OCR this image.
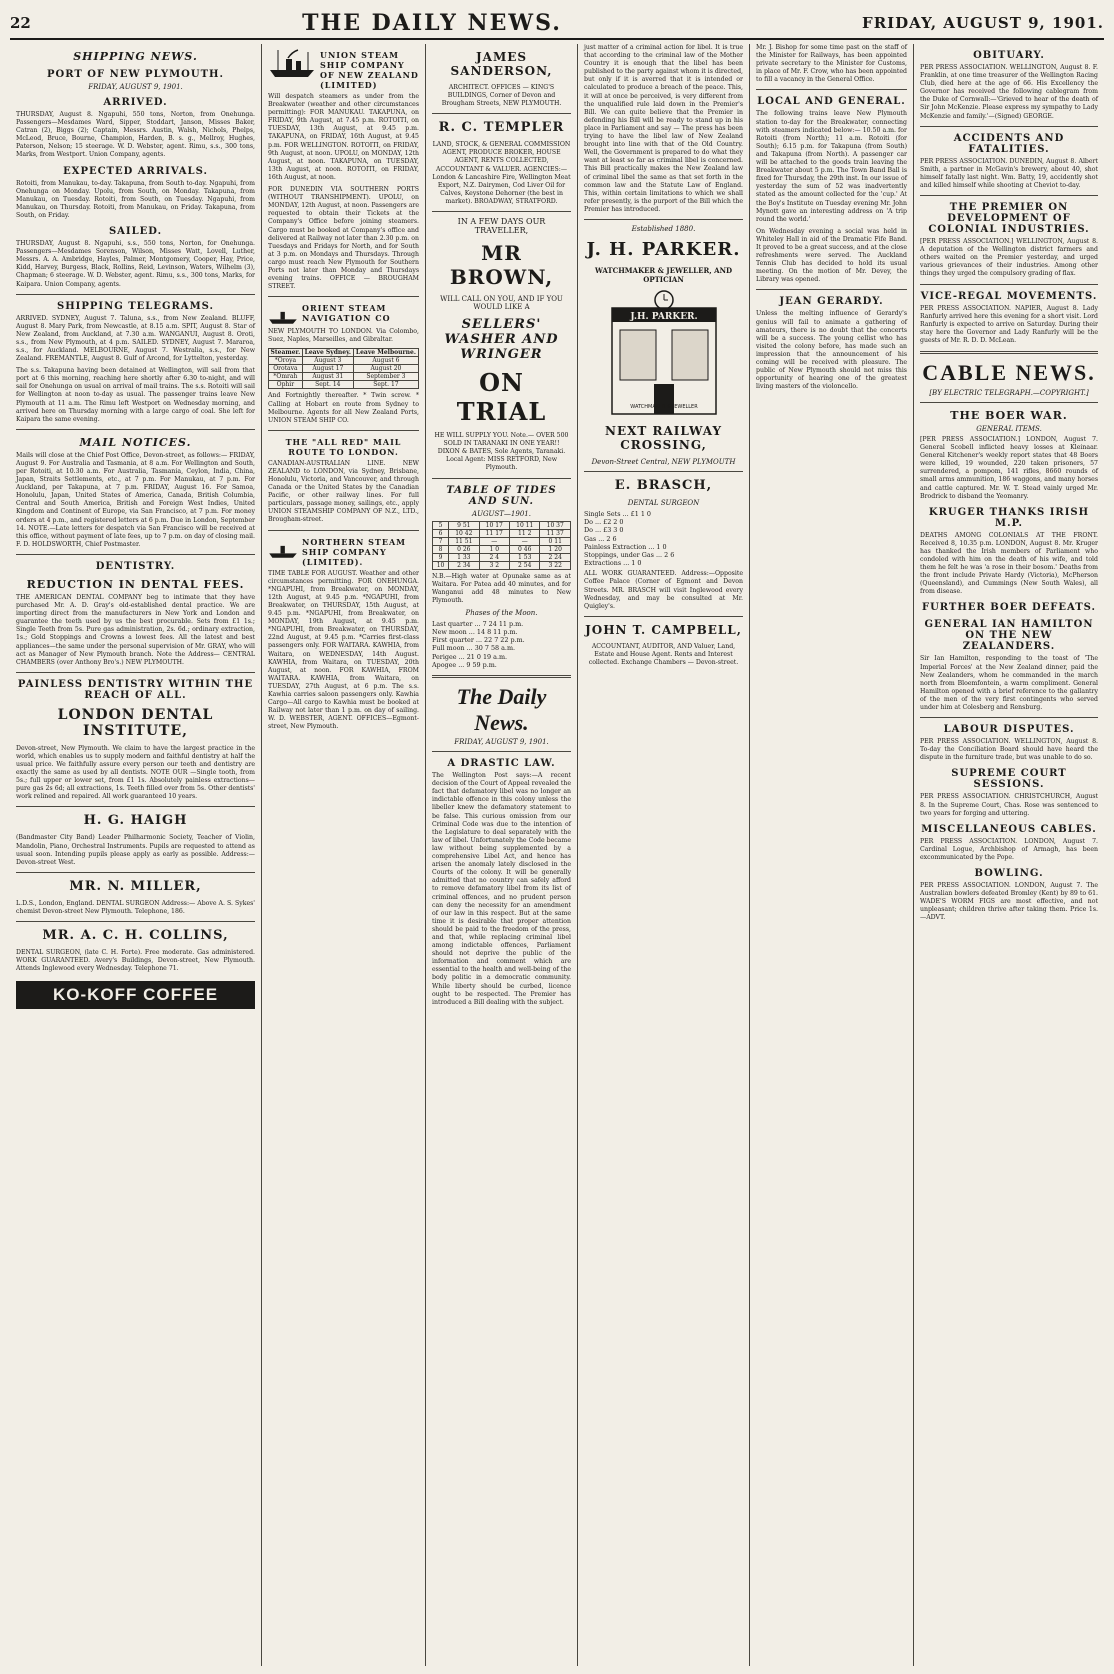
22	THE DAILY NEWS.	FRIDAY, AUGUST 9, 1901.
SHIPPING NEWS.
PORT OF NEW PLYMOUTH.
FRIDAY, AUGUST 9, 1901.
ARRIVED.

THURSDAY, August 8. Ngapuhi, 550 tons, Norton, from Onehunga. Passengers—Mesdames Ward, Sipper, Stoddart, Janson, Misses Baker, Catran (2), Biggs (2); Captain, Messrs. Austin, Walsh, Nichols, Phelps, McLeod, Bruce, Bourne, Champion, Harden, B. s. g., Mellroy, Hughes, Paterson, Nelson; 15 steerage. W. D. Webster, agent. Rimu, s.s., 300 tons, Marks, from Westport. Union Company, agents.

EXPECTED ARRIVALS.

Rotoiti, from Manukau, to-day. Takapuna, from South to-day. Ngapuhi, from Onehunga on Monday. Upolu, from South, on Monday. Takapuna, from Manukau, on Tuesday. Rotoiti, from South, on Tuesday. Ngapuhi, from Manukau, on Thursday. Rotoiti, from Manukau, on Friday. Takapuna, from South, on Friday.

SAILED.

THURSDAY, August 8. Ngapuhi, s.s., 550 tons, Norton, for Onehunga. Passengers—Mesdames Sorenson, Wilson, Misses Watt, Lovell, Luther, Messrs. A. A. Ambridge, Hayles, Palmer, Montgomery, Cooper, Hay, Price, Kidd, Harvey, Burgess, Black, Rollins, Reid, Levinson, Waters, Wilhelm (3), Chapman; 6 steerage. W. D. Webster, agent. Rimu, s.s., 300 tons, Marks, for Kaipara. Union Company, agents.

SHIPPING TELEGRAMS.

ARRIVED. SYDNEY, August 7. Taluna, s.s., from New Zealand. BLUFF, August 8. Mary Park, from Newcastle, at 8.15 a.m. SPIT, August 8. Star of New Zealand, from Auckland, at 7.30 a.m. WANGANUI, August 8. Oroti, s.s., from New Plymouth, at 4 p.m. SAILED. SYDNEY, August 7. Mararoa, s.s., for Auckland. MELBOURNE, August 7. Westralia, s.s., for New Zealand. FREMANTLE, August 8. Gulf of Arcond, for Lyttelton, yesterday.

The s.s. Takapuna having been detained at Wellington, will sail from that port at 6 this morning, reaching here shortly after 6.30 to-night, and will sail for Onehunga on usual on arrival of mail trains. The s.s. Rotoiti will sail for Wellington at noon to-day as usual. The passenger trains leave New Plymouth at 11 a.m. The Rimu left Westport on Wednesday morning, and arrived here on Thursday morning with a large cargo of coal. She left for Kaipara the same evening.

MAIL NOTICES.

Mails will close at the Chief Post Office, Devon-street, as follows:— FRIDAY, August 9. For Australia and Tasmania, at 8 a.m. For Wellington and South, per Rotoiti, at 10.30 a.m. For Australia, Tasmania, Ceylon, India, China, Japan, Straits Settlements, etc., at 7 p.m. For Manukau, at 7 p.m. For Auckland, per Takapuna, at 7 p.m. FRIDAY, August 16. For Samoa, Honolulu, Japan, United States of America, Canada, British Columbia, Central and South America, British and Foreign West Indies, United Kingdom and Continent of Europe, via San Francisco, at 7 p.m. For money orders at 4 p.m., and registered letters at 6 p.m. Due in London, September 14. NOTE.—Late letters for despatch via San Francisco will be received at this office, without payment of late fees, up to 7 p.m. on day of closing mail. F. D. HOLDSWORTH, Chief Postmaster.

DENTISTRY.
REDUCTION IN DENTAL FEES.

THE AMERICAN DENTAL COMPANY beg to intimate that they have purchased Mr. A. D. Gray's old-established dental practice. We are importing direct from the manufacturers in New York and London and guarantee the teeth used by us the best procurable. Sets from £1 1s.; Single Teeth from 5s. Pure gas administration, 2s. 6d.; ordinary extraction, 1s.; Gold Stoppings and Crowns a lowest fees. All the latest and best appliances—the same under the personal supervision of Mr. GRAY, who will act as Manager of New Plymouth branch. Note the Address— CENTRAL CHAMBERS (over Anthony Bro's.) NEW PLYMOUTH.

PAINLESS DENTISTRY WITHIN THE REACH OF ALL.
LONDON DENTAL INSTITUTE,

Devon-street, New Plymouth. We claim to have the largest practice in the world, which enables us to supply modern and faithful dentistry at half the usual price. We faithfully assure every person our teeth and dentistry are exactly the same as used by all dentists. NOTE OUR —Single tooth, from 5s.; full upper or lower set, from £1 1s. Absolutely painless extractions—pure gas 2s 6d; all extractions, 1s. Teeth filled over from 5s. Other dentists' work relined and repaired. All work guaranteed 10 years.

H. G. HAIGH

(Bandmaster City Band) Leader Philharmonic Society, Teacher of Violin, Mandolin, Piano, Orchestral Instruments. Pupils are requested to attend as usual soon. Intending pupils please apply as early as possible. Address:— Devon-street West.

MR. N. MILLER,

L.D.S., London, England. DENTAL SURGEON Address:— Above A. S. Sykes' chemist Devon-street New Plymouth. Telephone, 186.

MR. A. C. H. COLLINS,

DENTAL SURGEON, (late C. H. Forte). Free moderate. Gas administered. WORK GUARANTEED. Avery's Buildings, Devon-street, New Plymouth. Attends Inglewood every Wednesday. Telephone 71.

KO-KOFF COFFEE
UNION STEAM SHIP COMPANY OF NEW ZEALAND (LIMITED)

Will despatch steamers as under from the Breakwater (weather and other circumstances permitting): FOR MANUKAU. TAKAPUNA, on FRIDAY, 9th August, at 7.45 p.m. ROTOITI, on TUESDAY, 13th August, at 9.45 p.m. TAKAPUNA, on FRIDAY, 16th August, at 9.45 p.m. FOR WELLINGTON. ROTOITI, on FRIDAY, 9th August, at noon. UPOLU, on MONDAY, 12th August, at noon. TAKAPUNA, on TUESDAY, 13th August, at noon. ROTOITI, on FRIDAY, 16th August, at noon.

FOR DUNEDIN VIA SOUTHERN PORTS (WITHOUT TRANSHIPMENT). UPOLU, on MONDAY, 12th August, at noon. Passengers are requested to obtain their Tickets at the Company's Office before joining steamers. Cargo must be booked at Company's office and delivered at Railway not later than 2.30 p.m. on Tuesdays and Fridays for North, and for South at 3 p.m. on Mondays and Thursdays. Through cargo must reach New Plymouth for Southern Ports not later than Monday and Thursdays evening trains. OFFICE — BROUGHAM STREET.

ORIENT STEAM NAVIGATION CO

NEW PLYMOUTH TO LONDON. Via Colombo, Suez, Naples, Marseilles, and Gibraltar.

Steamer.	Leave Sydney.	Leave Melbourne.
*Oroya	August 3	August 6
Orotava	August 17	August 20
*Omrah	August 31	September 3
Ophir	Sept. 14	Sept. 17

And Fortnightly thereafter. * Twin screw. * Calling at Hobart en route from Sydney to Melbourne. Agents for all New Zealand Ports, UNION STEAM SHIP CO.

THE "ALL RED" MAIL ROUTE TO LONDON.

CANADIAN-AUSTRALIAN LINE. NEW ZEALAND to LONDON, via Sydney, Brisbane, Honolulu, Victoria, and Vancouver, and through Canada or the United States by the Canadian Pacific, or other railway lines. For full particulars, passage money, sailings, etc., apply UNION STEAMSHIP COMPANY OF N.Z., LTD., Brougham-street.

NORTHERN STEAM SHIP COMPANY (LIMITED).

TIME TABLE FOR AUGUST. Weather and other circumstances permitting. FOR ONEHUNGA. *NGAPUHI, from Breakwater, on MONDAY, 12th August, at 9.45 p.m. *NGAPUHI, from Breakwater, on THURSDAY, 15th August, at 9.45 p.m. *NGAPUHI, from Breakwater, on MONDAY, 19th August, at 9.45 p.m. *NGAPUHI, from Breakwater, on THURSDAY, 22nd August, at 9.45 p.m. *Carries first-class passengers only. FOR WAITARA. KAWHIA, from Waitara, on WEDNESDAY, 14th August. KAWHIA, from Waitara, on TUESDAY, 20th August, at noon. FOR KAWHIA, FROM WAITARA. KAWHIA, from Waitara, on TUESDAY, 27th August, at 6 p.m. The s.s. Kawhia carries saloon passengers only. Kawhia Cargo—All cargo to Kawhia must be booked at Railway not later than 1 p.m. on day of sailing. W. D. WEBSTER, AGENT. OFFICES—Egmont-street, New Plymouth.

JAMES SANDERSON,

ARCHITECT. OFFICES — KING'S BUILDINGS, Corner of Devon and Brougham Streets, NEW PLYMOUTH.

R. C. TEMPLER

LAND, STOCK, & GENERAL COMMISSION AGENT, PRODUCE BROKER, HOUSE AGENT, RENTS COLLECTED, ACCOUNTANT & VALUER. AGENCIES:— London & Lancashire Fire, Wellington Meat Export, N.Z. Dairymen, Cod Liver Oil for Calves, Keystone Dehorner (the best in market). BROADWAY, STRATFORD.

IN A FEW DAYS OUR TRAVELLER,
MR BROWN,
WILL CALL ON YOU, AND IF YOU WOULD LIKE A
SELLERS' WASHER AND WRINGER
ON TRIAL

HE WILL SUPPLY YOU. Note.— OVER 500 SOLD IN TARANAKI IN ONE YEAR!! DIXON & BATES, Sole Agents, Taranaki. Local Agent: MISS RETFORD, New Plymouth.

TABLE OF TIDES AND SUN.
AUGUST—1901.
5	9 51	10 17	10 11	10 37
6	10 42	11 17	11 2	11 37
7	11 51	—	—	0 11
8	0 26	1 0	0 46	1 20
9	1 33	2 4	1 53	2 24
10	2 34	3 2	2 54	3 22

N.B.—High water at Opunake same as at Waitara. For Patea add 40 minutes, and for Wanganui add 48 minutes to New Plymouth.

Phases of the Moon.
Last quarter ... 7 24 11 p.m.
New moon ... 14 8 11 p.m.
First quarter ... 22 7 22 p.m.
Full moon ... 30 7 58 a.m.
Perigee ... 21 0 19 a.m.
Apogee ... 9 59 p.m.
The Daily News.
FRIDAY, AUGUST 9, 1901.
A DRASTIC LAW.

The Wellington Post says:—A recent decision of the Court of Appeal revealed the fact that defamatory libel was no longer an indictable offence in this colony unless the libeller knew the defamatory statement to be false. This curious omission from our Criminal Code was due to the intention of the Legislature to deal separately with the law of libel. Unfortunately the Code became law without being supplemented by a comprehensive Libel Act, and hence has arisen the anomaly lately disclosed in the Courts of the colony. It will be generally admitted that no country can safely afford to remove defamatory libel from its list of criminal offences, and no prudent person can deny the necessity for an amendment of our law in this respect. But at the same time it is desirable that proper attention should be paid to the freedom of the press, and that, while replacing criminal libel among indictable offences, Parliament should not deprive the public of the information and comment which are essential to the health and well-being of the body politic in a democratic community. While liberty should be curbed, licence ought to be respected. The Premier has introduced a Bill dealing with the subject.

just matter of a criminal action for libel. It is true that according to the criminal law of the Mother Country it is enough that the libel has been published to the party against whom it is directed, but only if it is averred that it is intended or calculated to produce a breach of the peace. This, it will at once be perceived, is very different from the unqualified rule laid down in the Premier's Bill. We can quite believe that the Premier in defending his Bill will be ready to stand up in his place in Parliament and say — The press has been trying to have the libel law of New Zealand brought into line with that of the Old Country. Well, the Government is prepared to do what they want at least so far as criminal libel is concerned. This Bill practically makes the New Zealand law of criminal libel the same as that set forth in the common law and the Statute Law of England. This, within certain limitations to which we shall refer presently, is the purport of the Bill which the Premier has introduced.

Established 1880.
J. H. PARKER.
WATCHMAKER & JEWELLER, AND OPTICIAN
J.H. PARKER.
WATCHMAKER & JEWELLER
NEXT RAILWAY CROSSING,
Devon-Street Central, NEW PLYMOUTH
E. BRASCH,
DENTAL SURGEON
Single Sets ... £1 1 0
Do ... £2 2 0
Do ... £3 3 0
Gas ... 2 6
Painless Extraction ... 1 0
Stoppings, under Gas ... 2 6
Extractions ... 1 0

ALL WORK GUARANTEED. Address:—Opposite Coffee Palace (Corner of Egmont and Devon Streets. MR. BRASCH will visit Inglewood every Wednesday, and may be consulted at Mr. Quigley's.

JOHN T. CAMPBELL,

ACCOUNTANT, AUDITOR, AND Valuer, Land, Estate and House Agent. Rents and Interest collected. Exchange Chambers — Devon-street.

Mr. J. Bishop for some time past on the staff of the Minister for Railways, has been appointed private secretary to the Minister for Customs, in place of Mr. F. Crow, who has been appointed to fill a vacancy in the General Office.

LOCAL AND GENERAL.

The following trains leave New Plymouth station to-day for the Breakwater, connecting with steamers indicated below:— 10.50 a.m. for Rotoiti (from North); 11 a.m. Rotoiti (for South); 6.15 p.m. for Takapuna (from South) and Takapuna (from North). A passenger car will be attached to the goods train leaving the Breakwater about 5 p.m. The Town Band Ball is fixed for Thursday, the 29th inst. In our issue of yesterday the sum of 52 was inadvertently stated as the amount collected for the 'cup.' At the Boy's Institute on Tuesday evening Mr. John Mynott gave an interesting address on 'A trip round the world.'

On Wednesday evening a social was held in Whiteley Hall in aid of the Dramatic Fife Band. It proved to be a great success, and at the close refreshments were served. The Auckland Tennis Club has decided to hold its usual meeting. On the motion of Mr. Devey, the Library was opened.

JEAN GERARDY.

Unless the melting influence of Gerardy's genius will fail to animate a gathering of amateurs, there is no doubt that the concerts will be a success. The young cellist who has visited the colony before, has made such an impression that the announcement of his coming will be received with pleasure. The public of New Plymouth should not miss this opportunity of hearing one of the greatest living masters of the violoncello.

OBITUARY.

PER PRESS ASSOCIATION. WELLINGTON, August 8. F. Franklin, at one time treasurer of the Wellington Racing Club, died here at the age of 66. His Excellency the Governor has received the following cablegram from the Duke of Cornwall:—'Grieved to hear of the death of Sir John McKenzie. Please express my sympathy to Lady McKenzie and family.'—(Signed) GEORGE.

ACCIDENTS AND FATALITIES.

PER PRESS ASSOCIATION. DUNEDIN, August 8. Albert Smith, a partner in McGavin's brewery, about 40, shot himself fatally last night. Wm. Batty, 19, accidently shot and killed himself while shooting at Cheviot to-day.

THE PREMIER ON DEVELOPMENT OF COLONIAL INDUSTRIES.

[PER PRESS ASSOCIATION.] WELLINGTON, August 8. A deputation of the Wellington district farmers and others waited on the Premier yesterday, and urged various grievances of their industries. Among other things they urged the compulsory grading of flax.

VICE-REGAL MOVEMENTS.

PER PRESS ASSOCIATION. NAPIER, August 8. Lady Ranfurly arrived here this evening for a short visit. Lord Ranfurly is expected to arrive on Saturday. During their stay here the Governor and Lady Ranfurly will be the guests of Mr. R. D. D. McLean.

CABLE NEWS.
[BY ELECTRIC TELEGRAPH.—COPYRIGHT.]
THE BOER WAR.
GENERAL ITEMS.

[PER PRESS ASSOCIATION.] LONDON, August 7. General Scobell inflicted heavy losses at Kleinaar. General Kitchener's weekly report states that 48 Boers were killed, 19 wounded, 220 taken prisoners, 57 surrendered, a pompom, 141 rifles, 8660 rounds of small arms ammunition, 186 waggons, and many horses and cattle captured. Mr. W. T. Stead vainly urged Mr. Brodrick to disband the Yeomanry.

KRUGER THANKS IRISH M.P.

DEATHS AMONG COLONIALS AT THE FRONT. Received 8, 10.35 p.m. LONDON, August 8. Mr. Kruger has thanked the Irish members of Parliament who condoled with him on the death of his wife, and told them he felt he was 'a rose in their bosom.' Deaths from the front include Private Hardy (Victoria), McPherson (Queensland), and Cummings (New South Wales), all from disease.

FURTHER BOER DEFEATS.
GENERAL IAN HAMILTON ON THE NEW ZEALANDERS.

Sir Ian Hamilton, responding to the toast of 'The Imperial Forces' at the New Zealand dinner, paid the New Zealanders, whom he commanded in the march north from Bloemfontein, a warm compliment. General Hamilton opened with a brief reference to the gallantry of the men of the very first contingents who served under him at Colesberg and Rensburg.

LABOUR DISPUTES.

PER PRESS ASSOCIATION. WELLINGTON, August 8. To-day the Conciliation Board should have heard the dispute in the furniture trade, but was unable to do so.

SUPREME COURT SESSIONS.

PER PRESS ASSOCIATION. CHRISTCHURCH, August 8. In the Supreme Court, Chas. Rose was sentenced to two years for forging and uttering.

MISCELLANEOUS CABLES.

PER PRESS ASSOCIATION. LONDON, August 7. Cardinal Logue, Archbishop of Armagh, has been excommunicated by the Pope.

BOWLING.

PER PRESS ASSOCIATION. LONDON, August 7. The Australian bowlers defeated Bromley (Kent) by 89 to 61. WADE'S WORM FIGS are most effective, and not unpleasant; children thrive after taking them. Price 1s.—ADVT.
